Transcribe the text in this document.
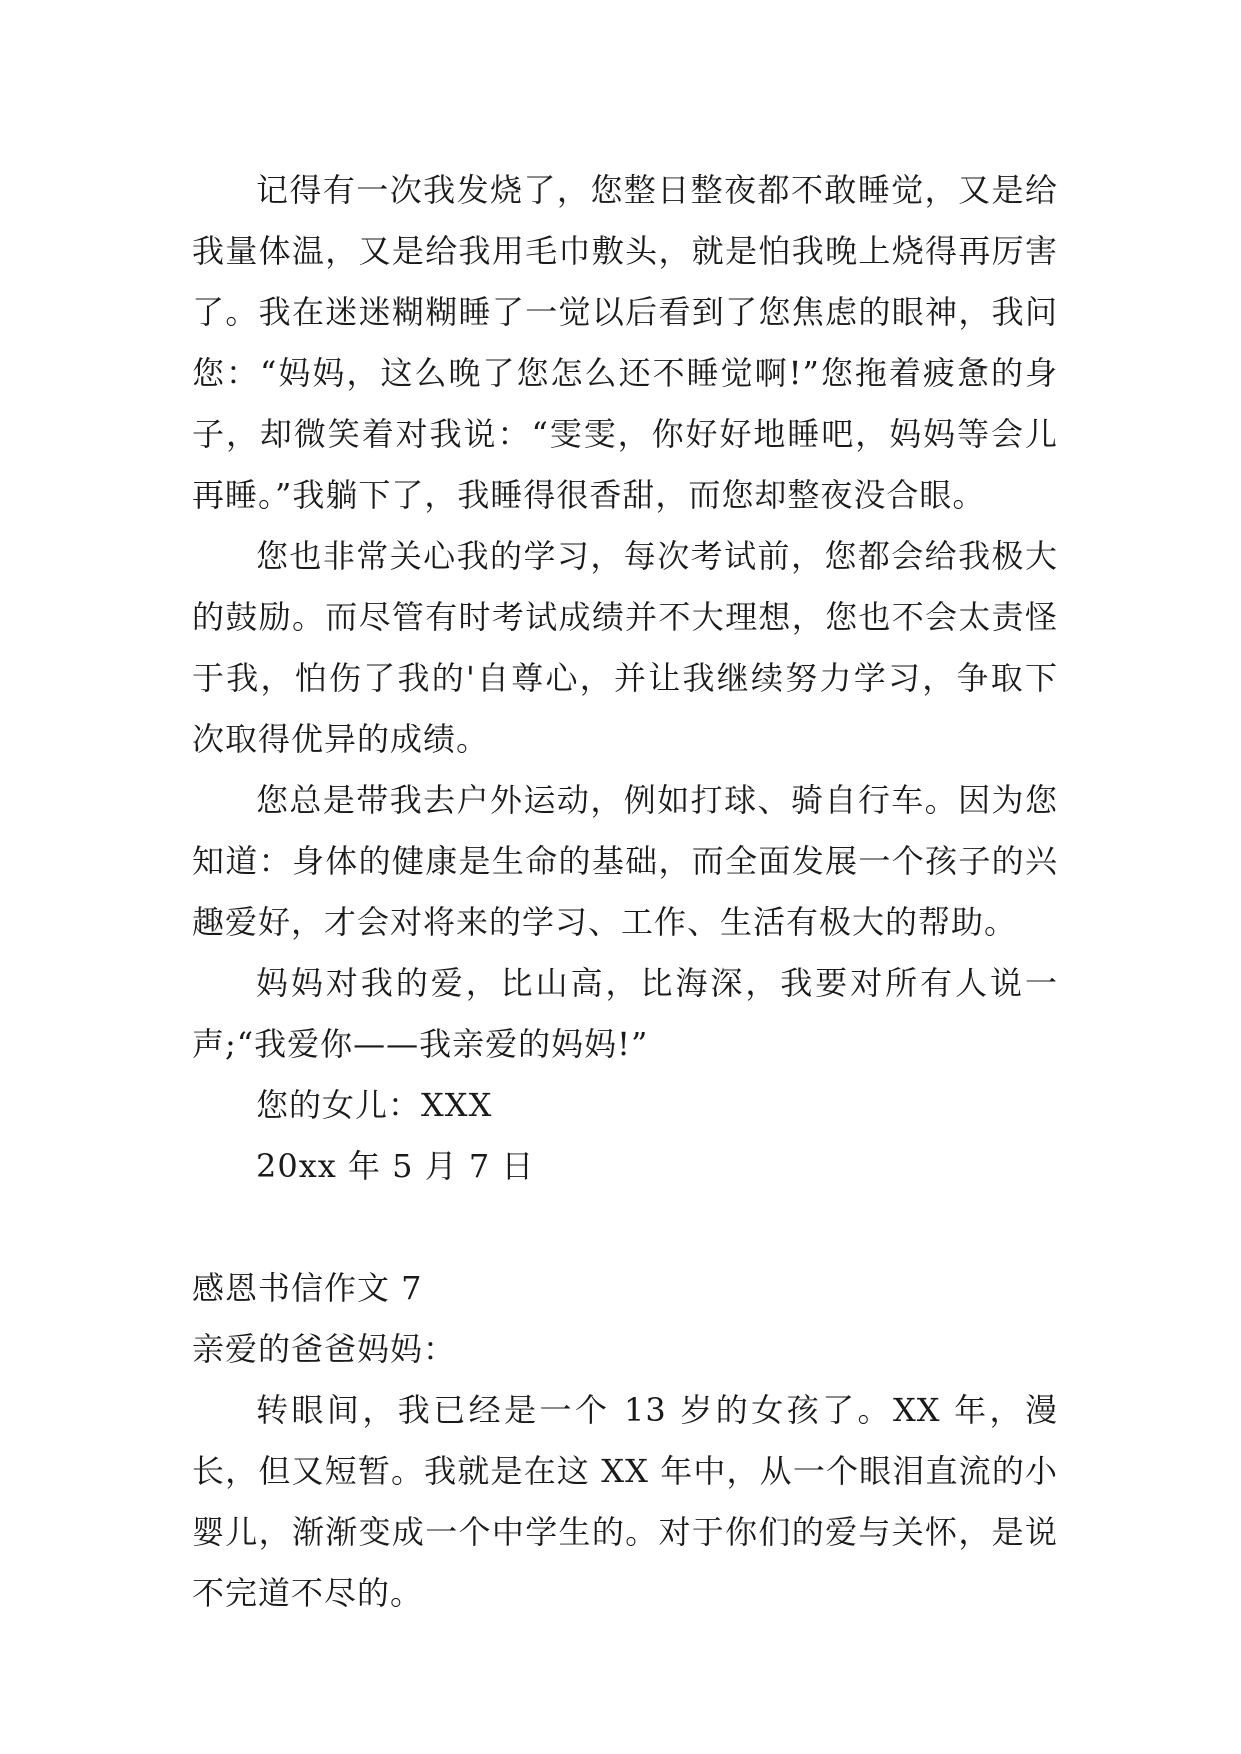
记得有一次我发烧了，您整日整夜都不敢睡觉，又是给我量体温，又是给我用毛巾敷头，就是怕我晚上烧得再厉害了。我在迷迷糊糊睡了一觉以后看到了您焦虑的眼神，我问您：“妈妈，这么晚了您怎么还不睡觉啊!”您拖着疲惫的身子，却微笑着对我说：“雯雯，你好好地睡吧，妈妈等会儿再睡。”我躺下了，我睡得很香甜，而您却整夜没合眼。

您也非常关心我的学习，每次考试前，您都会给我极大的鼓励。而尽管有时考试成绩并不大理想，您也不会太责怪于我，怕伤了我的'自尊心，并让我继续努力学习，争取下次取得优异的成绩。

您总是带我去户外运动，例如打球、骑自行车。因为您知道：身体的健康是生命的基础，而全面发展一个孩子的兴趣爱好，才会对将来的学习、工作、生活有极大的帮助。

妈妈对我的爱，比山高，比海深，我要对所有人说一声;“我爱你——我亲爱的妈妈!”

您的女儿：XXX

20xx 年 5 月 7 日

感恩书信作文 7

亲爱的爸爸妈妈：

转眼间，我已经是一个 13 岁的女孩了。XX 年，漫长，但又短暂。我就是在这 XX 年中，从一个眼泪直流的小婴儿，渐渐变成一个中学生的。对于你们的爱与关怀，是说不完道不尽的。
